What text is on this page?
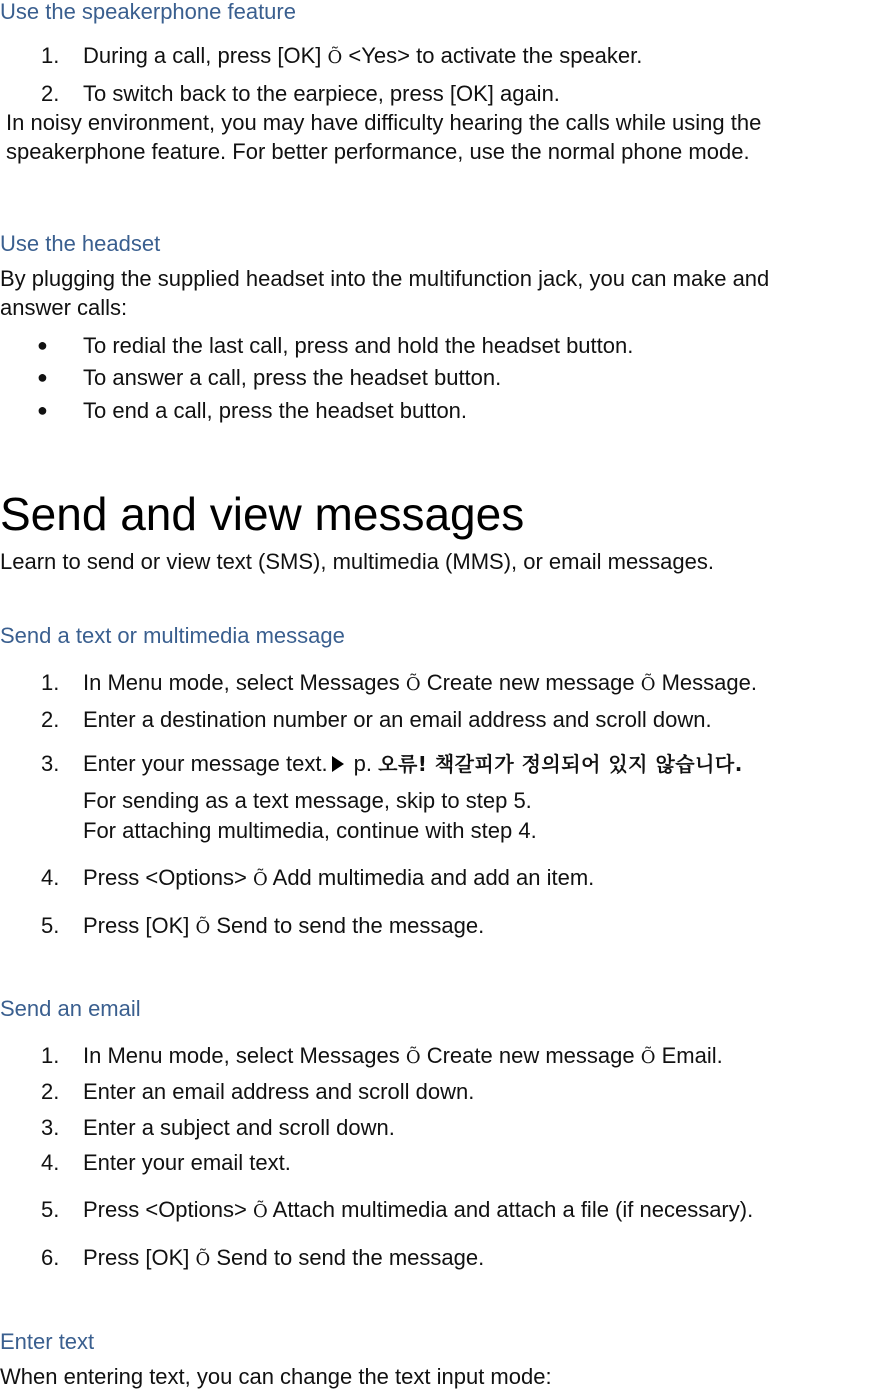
Use the speakerphone feature
1. During a call, press [OK] Õ <Yes> to activate the speaker.
2. To switch back to the earpiece, press [OK] again.
In noisy environment, you may have difficulty hearing the calls while using the
speakerphone feature. For better performance, use the normal phone mode.
Use the headset
By plugging the supplied headset into the multifunction jack, you can make and
answer calls:
● To redial the last call, press and hold the headset button.
● To answer a call, press the headset button.
● To end a call, press the headset button.
Send and view messages
Learn to send or view text (SMS), multimedia (MMS), or email messages.
Send a text or multimedia message
1. In Menu mode, select Messages Õ Create new message Õ Message.
2. Enter a destination number or an email address and scroll down.
3. Enter your message text. p. 오류! 책갈피가 정의되어 있지 않습니다.
For sending as a text message, skip to step 5.
For attaching multimedia, continue with step 4.
4. Press <Options> Õ Add multimedia and add an item.
5. Press [OK] Õ Send to send the message.
Send an email
1. In Menu mode, select Messages Õ Create new message Õ Email.
2. Enter an email address and scroll down.
3. Enter a subject and scroll down.
4. Enter your email text.
5. Press <Options> Õ Attach multimedia and attach a file (if necessary).
6. Press [OK] Õ Send to send the message.
Enter text
When entering text, you can change the text input mode:
